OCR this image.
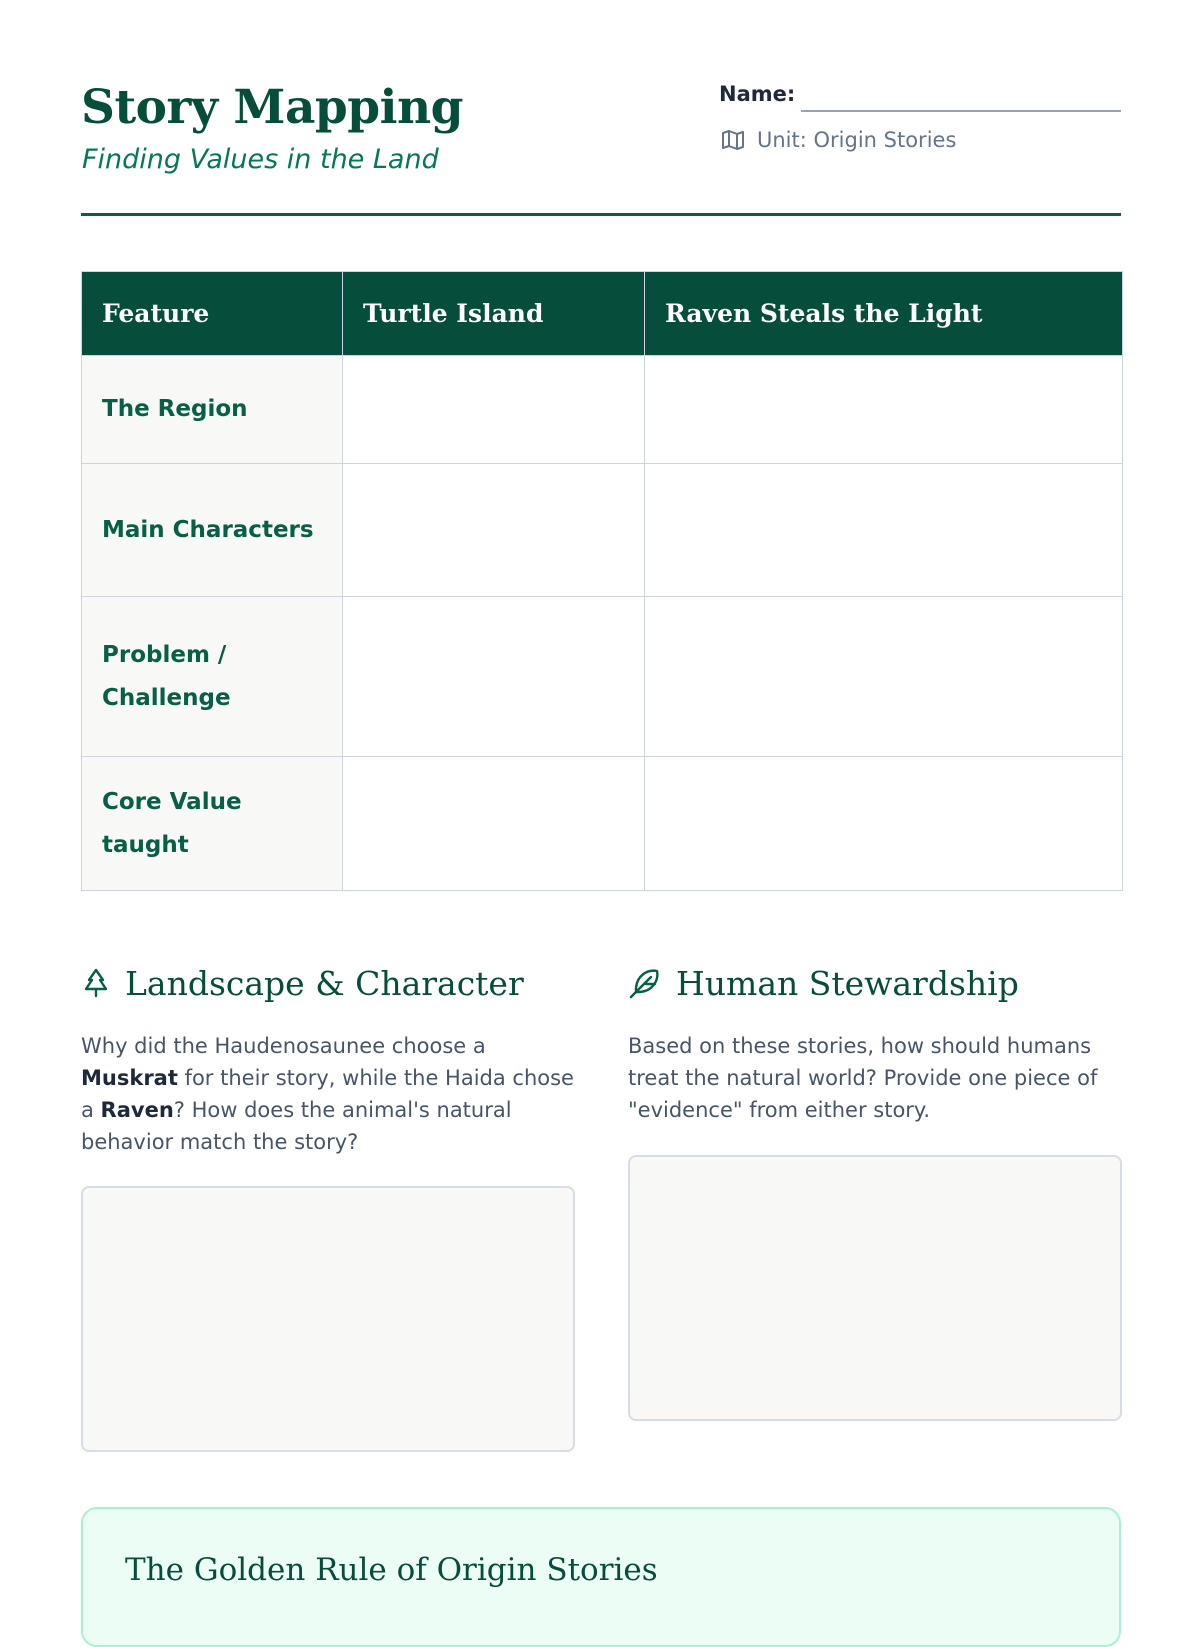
Story Mapping
Finding Values in the Land
Name:
Unit: Origin Stories
Feature	Turtle Island	Raven Steals the Light
The Region		
Main Characters		
Problem / Challenge		
Core Value taught		
Landscape & Character
Why did the Haudenosaunee choose a Muskrat for their story, while the Haida chose a Raven? How does the animal's natural behavior match the story?
Human Stewardship
Based on these stories, how should humans treat the natural world? Provide one piece of "evidence" from either story.
The Golden Rule of Origin Stories
